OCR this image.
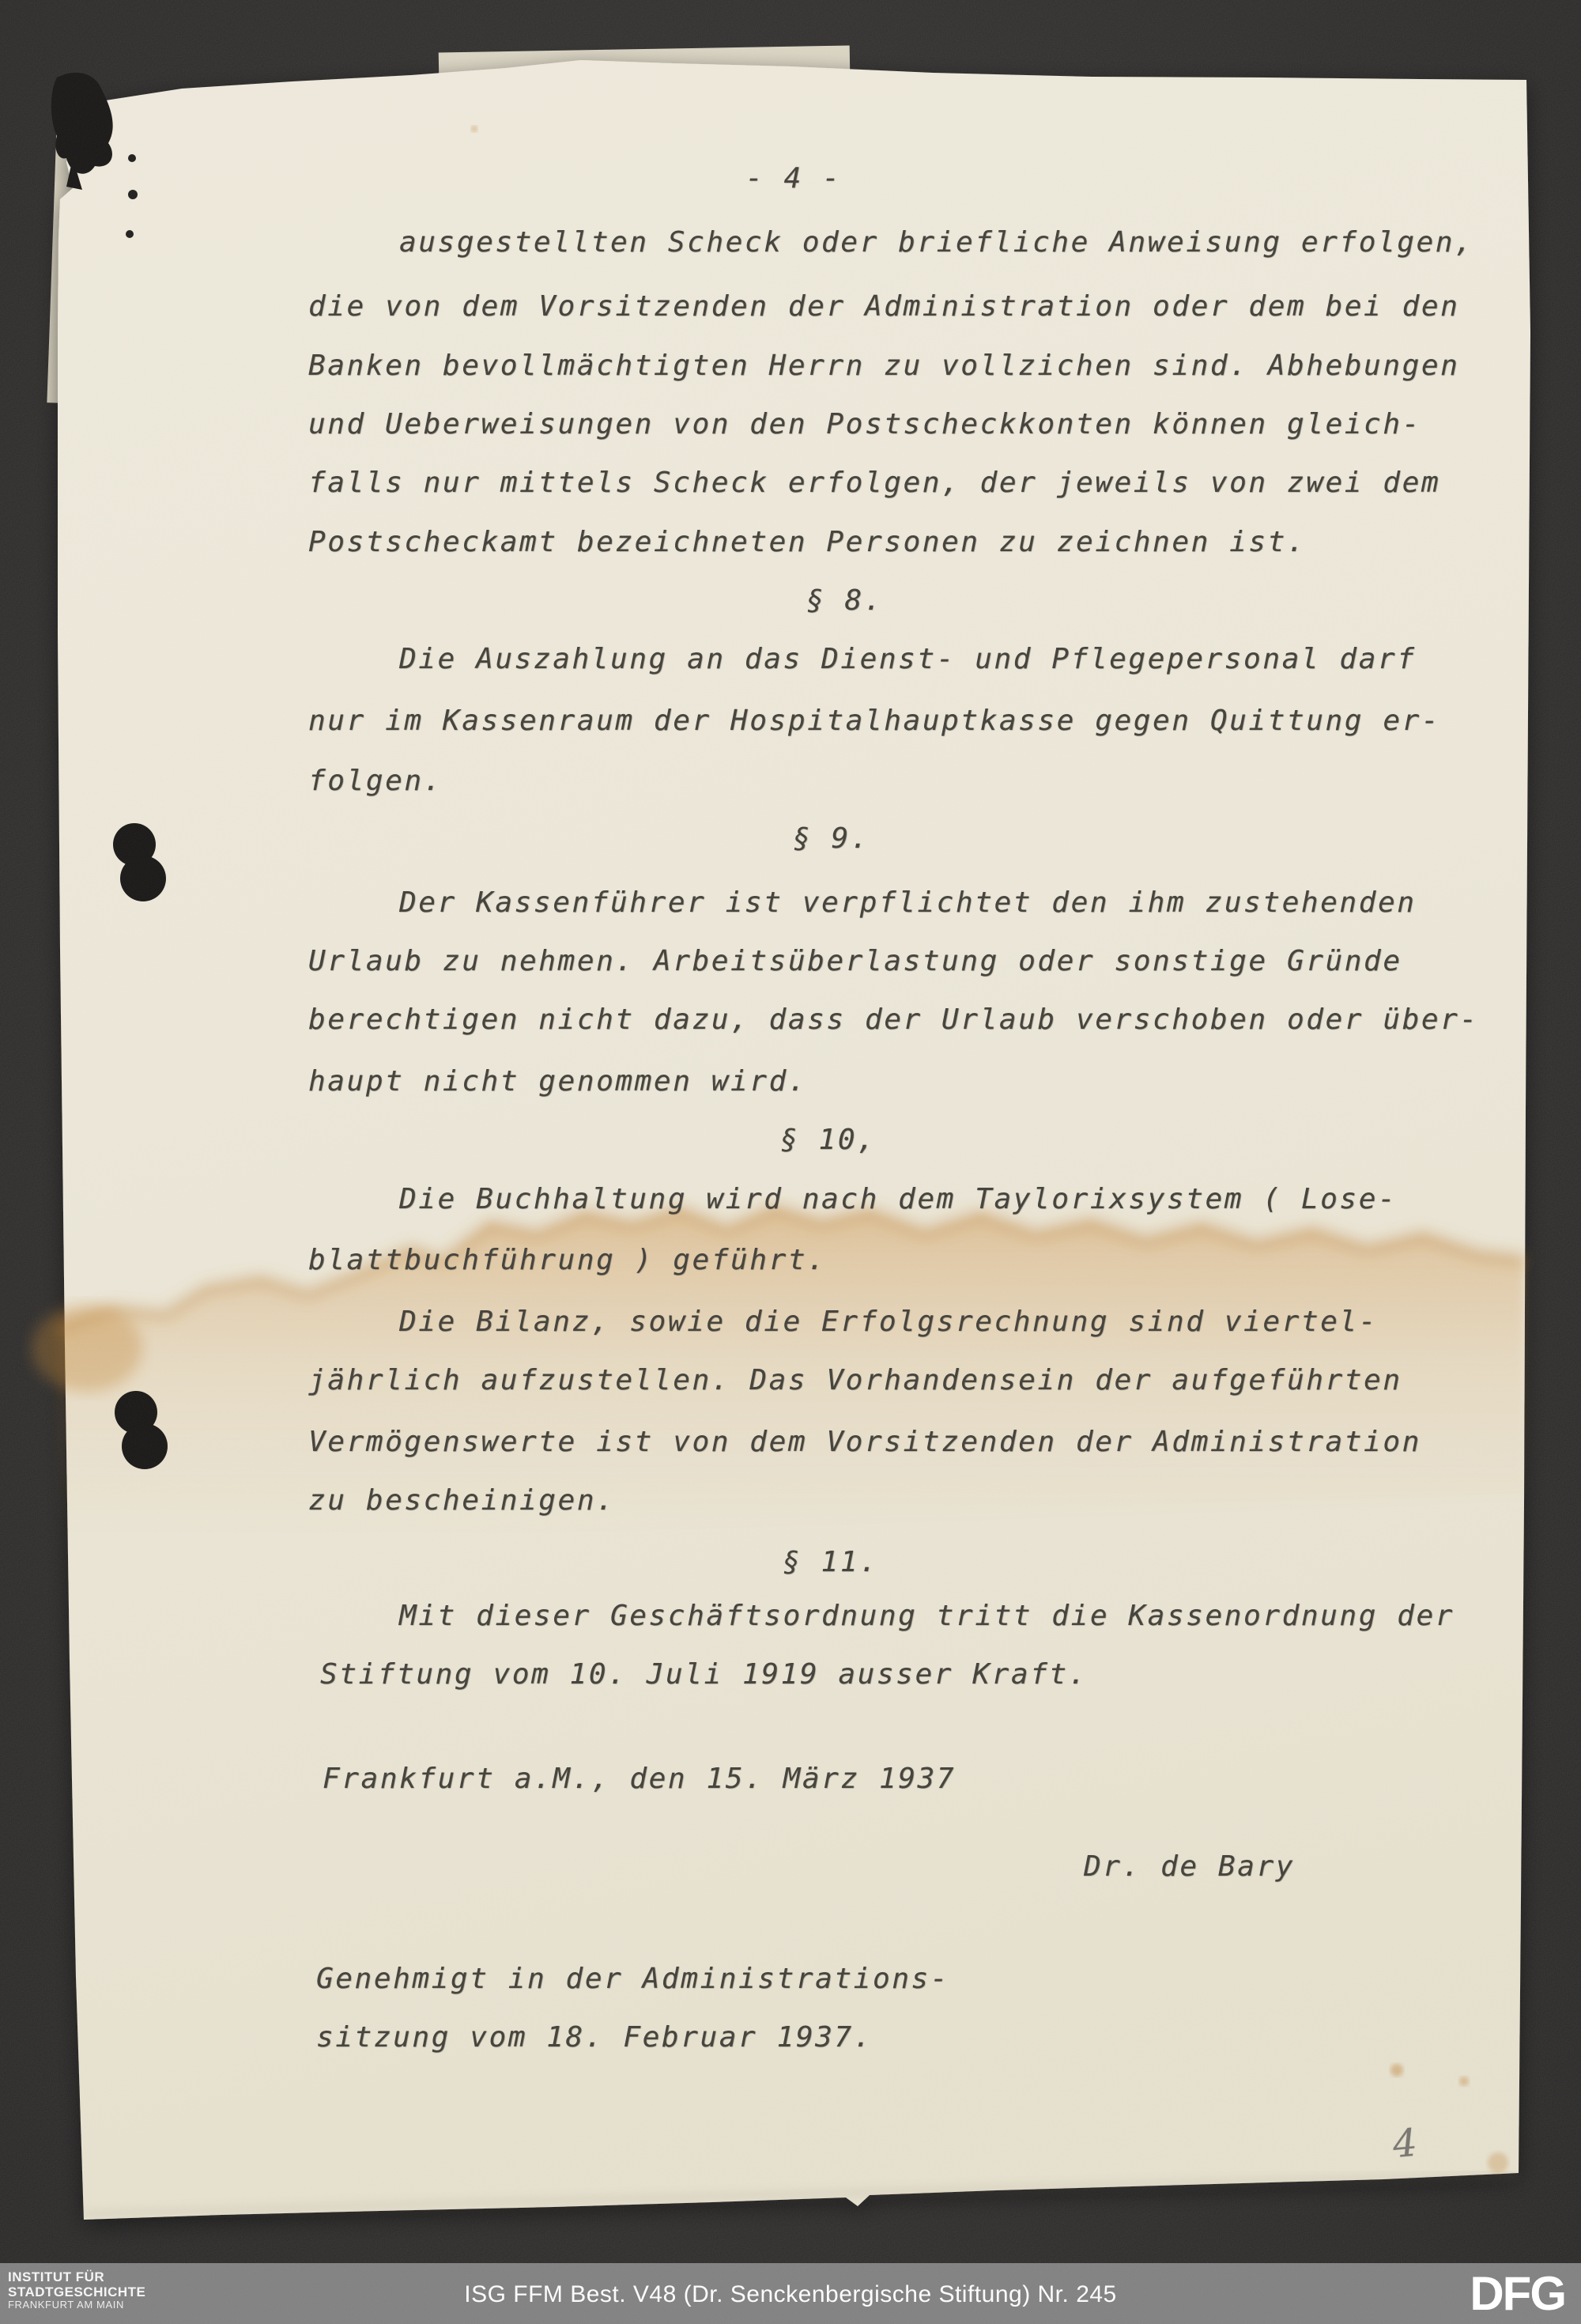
- 4 -
ausgestellten Scheck oder briefliche Anweisung erfolgen,
die von dem Vorsitzenden der Administration oder dem bei den
Banken bevollmächtigten Herrn zu vollzichen sind. Abhebungen
und Ueberweisungen von den Postscheckkonten können gleich-
falls nur mittels Scheck erfolgen, der jeweils von zwei dem
Postscheckamt bezeichneten Personen zu zeichnen ist.
§ 8.
Die Auszahlung an das Dienst- und Pflegepersonal darf
nur im Kassenraum der Hospitalhauptkasse gegen Quittung er-
folgen.
§ 9.
Der Kassenführer ist verpflichtet den ihm zustehenden
Urlaub zu nehmen. Arbeitsüberlastung oder sonstige Gründe
berechtigen nicht dazu, dass der Urlaub verschoben oder über-
haupt nicht genommen wird.
§ 10,
Die Buchhaltung wird nach dem Taylorixsystem ( Lose-
blattbuchführung ) geführt.
Die Bilanz, sowie die Erfolgsrechnung sind viertel-
jährlich aufzustellen. Das Vorhandensein der aufgeführten
Vermögenswerte ist von dem Vorsitzenden der Administration
zu bescheinigen.
§ 11.
Mit dieser Geschäftsordnung tritt die Kassenordnung der
Stiftung vom 10. Juli 1919 ausser Kraft.
Frankfurt a.M., den 15. März 1937
Dr. de Bary
Genehmigt in der Administrations-
sitzung vom 18. Februar 1937.
4
INSTITUT FÜR
STADTGESCHICHTE
FRANKFURT AM MAIN	ISG FFM Best. V48 (Dr. Senckenbergische Stiftung) Nr. 245	DFG
